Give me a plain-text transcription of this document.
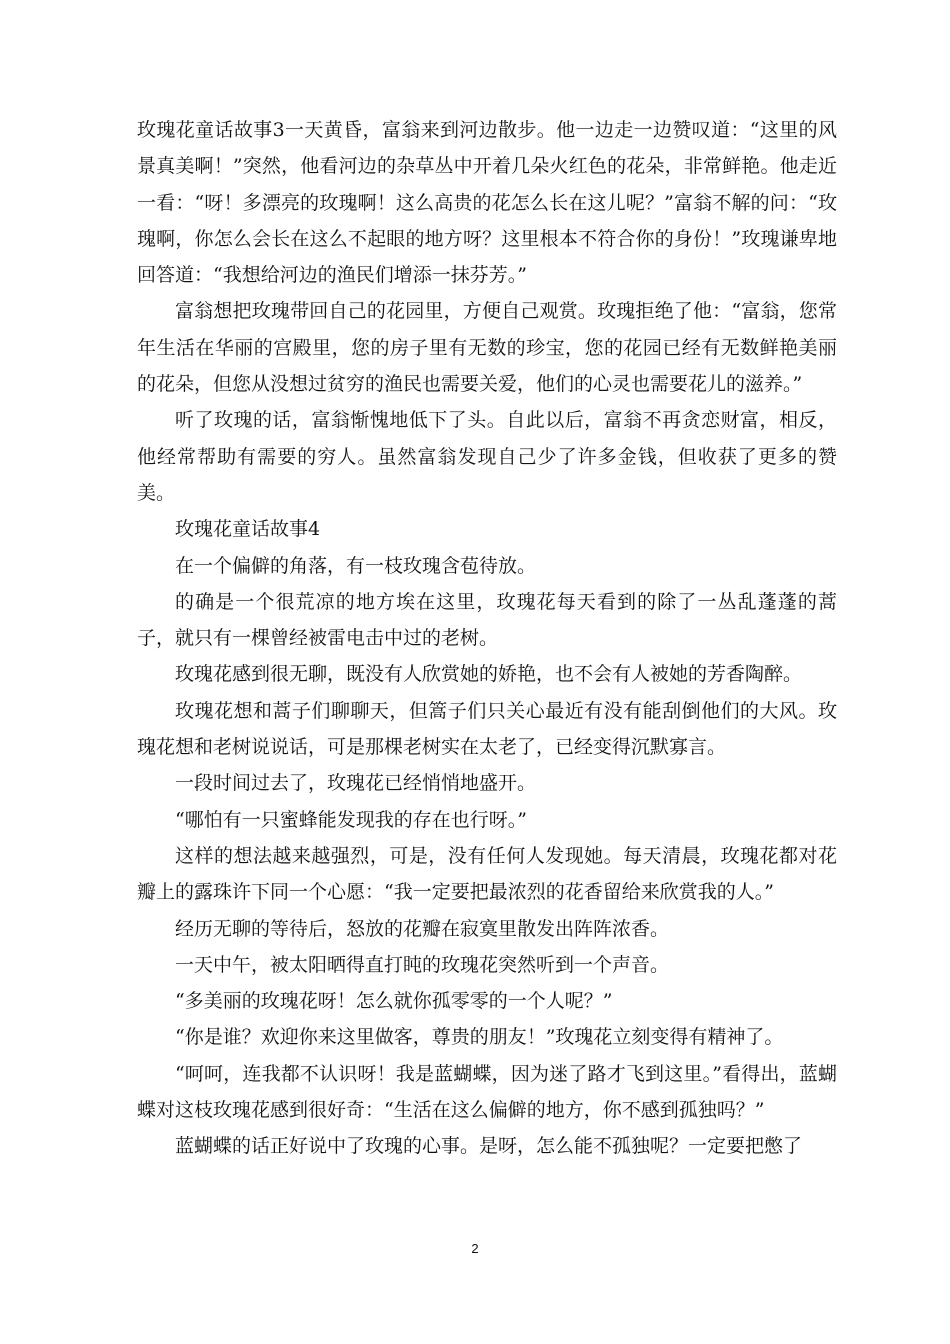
玫瑰花童话故事3一天黄昏，富翁来到河边散步。他一边走一边赞叹道：“这里的风景真美啊！”突然，他看河边的杂草丛中开着几朵火红色的花朵，非常鲜艳。他走近一看：“呀！多漂亮的玫瑰啊！这么高贵的花怎么长在这儿呢？”富翁不解的问：“玫瑰啊，你怎么会长在这么不起眼的地方呀？这里根本不符合你的身份！”玫瑰谦卑地回答道：“我想给河边的渔民们增添一抹芬芳。”

富翁想把玫瑰带回自己的花园里，方便自己观赏。玫瑰拒绝了他：“富翁，您常年生活在华丽的宫殿里，您的房子里有无数的珍宝，您的花园已经有无数鲜艳美丽的花朵，但您从没想过贫穷的渔民也需要关爱，他们的心灵也需要花儿的滋养。”

听了玫瑰的话，富翁惭愧地低下了头。自此以后，富翁不再贪恋财富，相反，他经常帮助有需要的穷人。虽然富翁发现自己少了许多金钱，但收获了更多的赞美。

玫瑰花童话故事4

在一个偏僻的角落，有一枝玫瑰含苞待放。

的确是一个很荒凉的地方埃在这里，玫瑰花每天看到的除了一丛乱蓬蓬的蒿子，就只有一棵曾经被雷电击中过的老树。

玫瑰花感到很无聊，既没有人欣赏她的娇艳，也不会有人被她的芳香陶醉。

玫瑰花想和蒿子们聊聊天，但篙子们只关心最近有没有能刮倒他们的大风。玫瑰花想和老树说说话，可是那棵老树实在太老了，已经变得沉默寡言。

一段时间过去了，玫瑰花已经悄悄地盛开。

“哪怕有一只蜜蜂能发现我的存在也行呀。”

这样的想法越来越强烈，可是，没有任何人发现她。每天清晨，玫瑰花都对花瓣上的露珠许下同一个心愿：“我一定要把最浓烈的花香留给来欣赏我的人。”

经历无聊的等待后，怒放的花瓣在寂寞里散发出阵阵浓香。

一天中午，被太阳晒得直打盹的玫瑰花突然听到一个声音。

“多美丽的玫瑰花呀！怎么就你孤零零的一个人呢？”

“你是谁？欢迎你来这里做客，尊贵的朋友！”玫瑰花立刻变得有精神了。

“呵呵，连我都不认识呀！我是蓝蝴蝶，因为迷了路才飞到这里。”看得出，蓝蝴蝶对这枝玫瑰花感到很好奇：“生活在这么偏僻的地方，你不感到孤独吗？”

蓝蝴蝶的话正好说中了玫瑰的心事。是呀，怎么能不孤独呢？一定要把憋了

2
